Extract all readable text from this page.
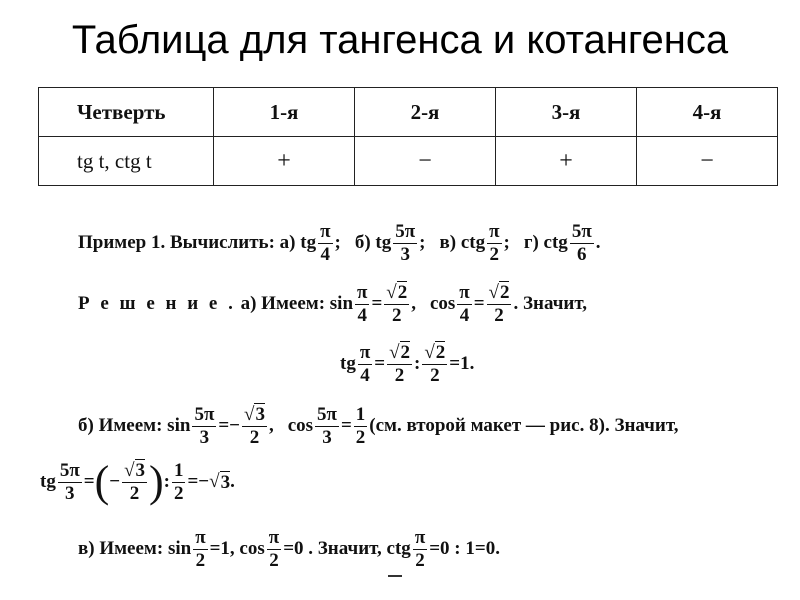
Таблица для тангенса и котангенса
Четверть	1-я	2-я	3-я	4-я
tg t, ctg t	+	−	+	−
Пример 1.
Вычислить: а) tg $\frac{\pi}{4}$ ;
б) tg $\frac{5\pi}{3}$ ;
в) ctg $\frac{\pi}{2}$ ;
г) ctg $\frac{5\pi}{6}$ .
Р е ш е н и е . а) Имеем: $\sin \frac{\pi}{4} = \frac{√2}{2}$ ,
$\cos \frac{\pi}{4} = \frac{√2}{2}$ . Значит,
tg $\frac{\pi}{4} = \frac{√2}{2}$ : $\frac{√2}{2} =1$.
б) Имеем: $\sin \frac{5\pi}{3} =- \frac{√3}{2}$ ,
$\cos \frac{5\pi}{3} = \frac{1}{2} (см$. второй макет — рис. 8). Значит,
tg $\frac{5\pi}{3}$ = ( − $\frac{√3}{2}$ ) : $\frac{1}{2}$ =−√ 3 .
в) Имеем: $\sin \frac{\pi}{2} =1$, $\cos \frac{\pi}{2} =0$ . Значит, ctg $\frac{\pi}{2} =0$ : 1=0.
